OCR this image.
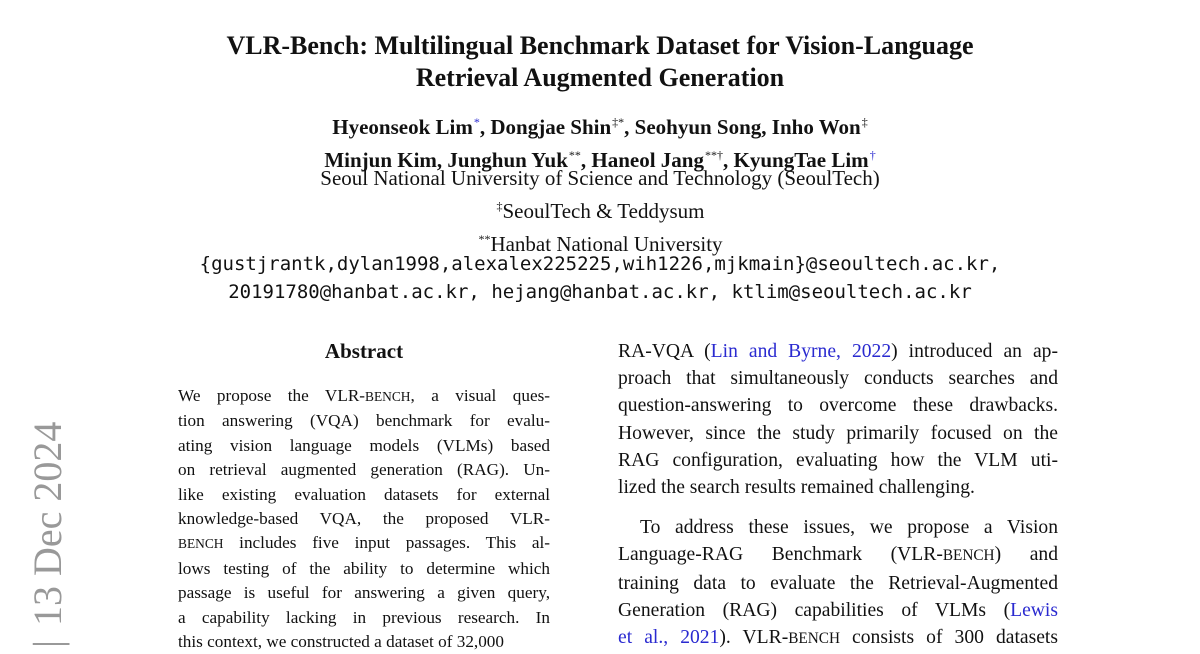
VLR-Bench: Multilingual Benchmark Dataset for Vision-Language
Retrieval Augmented Generation
Hyeonseok Lim*, Dongjae Shin‡*, Seohyun Song, Inho Won‡
Minjun Kim, Junghun Yuk**, Haneol Jang**†, KyungTae Lim†
Seoul National University of Science and Technology (SeoulTech)
‡SeoulTech & Teddysum
**Hanbat National University
{gustjrantk,dylan1998,alexalex225225,wih1226,mjkmain}@seoultech.ac.kr,
20191780@hanbat.ac.kr, hejang@hanbat.ac.kr, ktlim@seoultech.ac.kr
|13 Dec 2024
Abstract
We propose the VLR-BENCH, a visual ques-
tion answering (VQA) benchmark for evalu-
ating vision language models (VLMs) based
on retrieval augmented generation (RAG). Un-
like existing evaluation datasets for external
knowledge-based VQA, the proposed VLR-
BENCH includes five input passages. This al-
lows testing of the ability to determine which
passage is useful for answering a given query,
a capability lacking in previous research. In
this context, we constructed a dataset of 32,000
RA-VQA (Lin and Byrne, 2022) introduced an ap-
proach that simultaneously conducts searches and
question-answering to overcome these drawbacks.
However, since the study primarily focused on the
RAG configuration, evaluating how the VLM uti-
lized the search results remained challenging.
To address these issues, we propose a Vision
Language-RAG Benchmark (VLR-BENCH) and
training data to evaluate the Retrieval-Augmented
Generation (RAG) capabilities of VLMs (Lewis
et al., 2021). VLR-BENCH consists of 300 datasets
